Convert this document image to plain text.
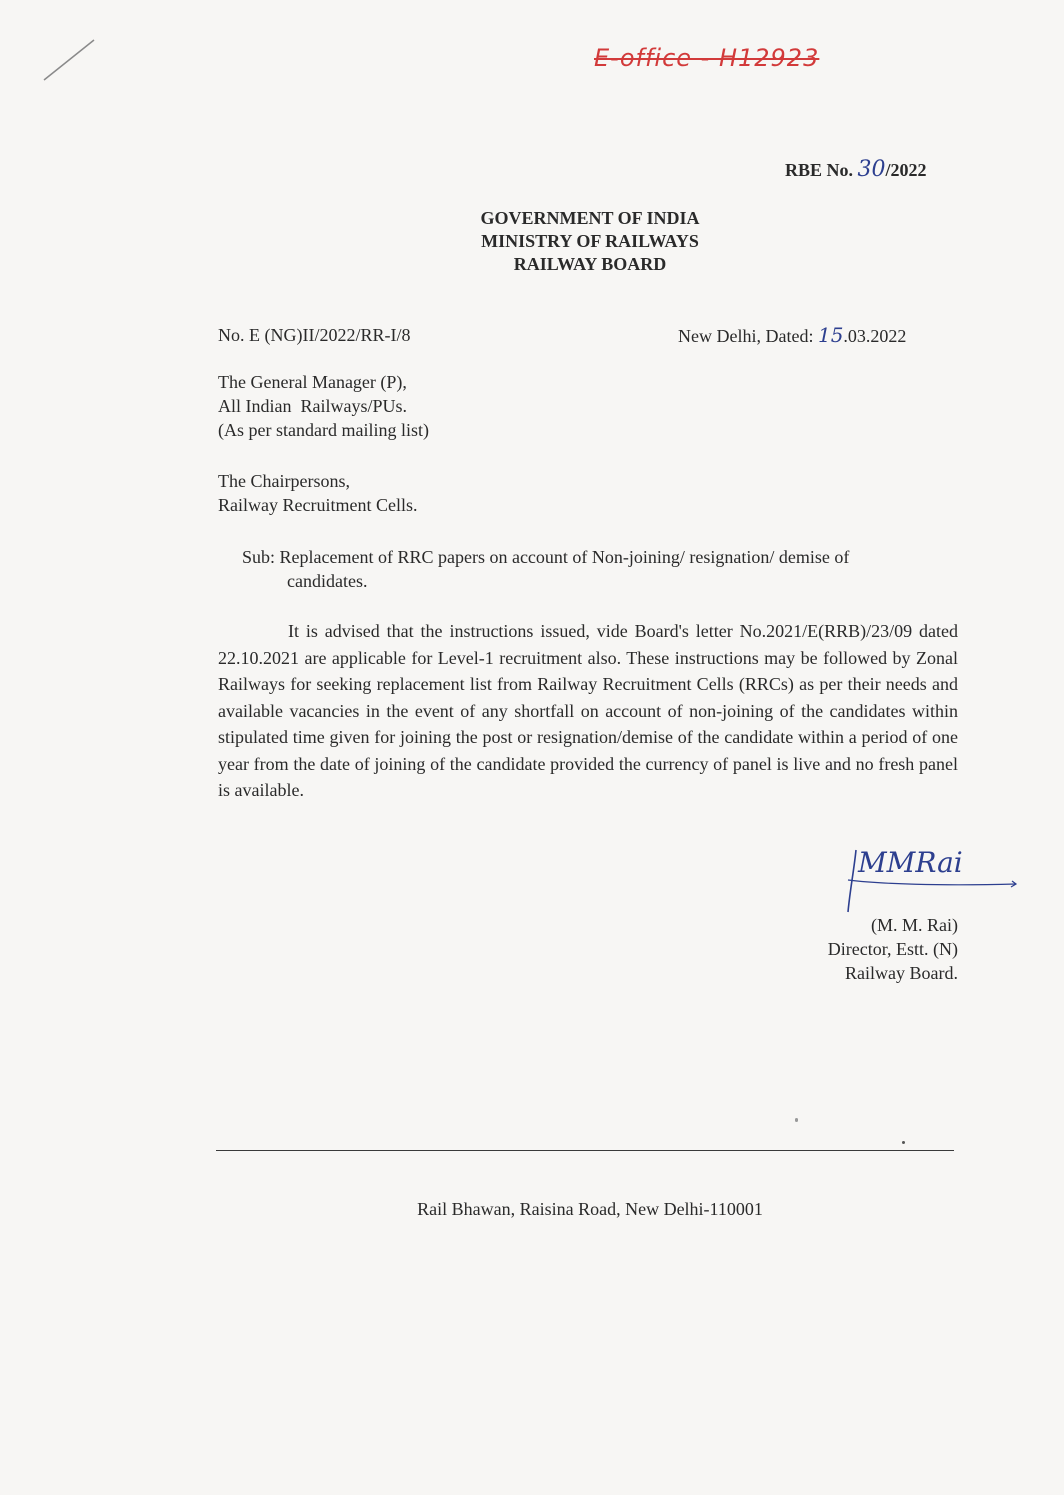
E-office - H12923
RBE No. 30/2022
GOVERNMENT OF INDIA
MINISTRY OF RAILWAYS
RAILWAY BOARD
No. E (NG)II/2022/RR-I/8	New Delhi, Dated: 15.03.2022
The General Manager (P),
All Indian  Railways/PUs.
(As per standard mailing list)
The Chairpersons,
Railway Recruitment Cells.
Sub: Replacement of RRC papers on account of Non-joining/ resignation/ demise of
candidates.
It is advised that the instructions issued, vide Board's letter No.2021/E(RRB)/23/09 dated 22.10.2021 are applicable for Level-1 recruitment also. These instructions may be followed by Zonal Railways for seeking replacement list from Railway Recruitment Cells (RRCs) as per their needs and available vacancies in the event of any shortfall on account of non-joining of the candidates within stipulated time given for joining the post or resignation/demise of the candidate within a period of one year from the date of joining of the candidate provided the currency of panel is live and no fresh panel is available.
MMRai
(M. M. Rai)
Director, Estt. (N)
Railway Board.
Rail Bhawan, Raisina Road, New Delhi-110001
